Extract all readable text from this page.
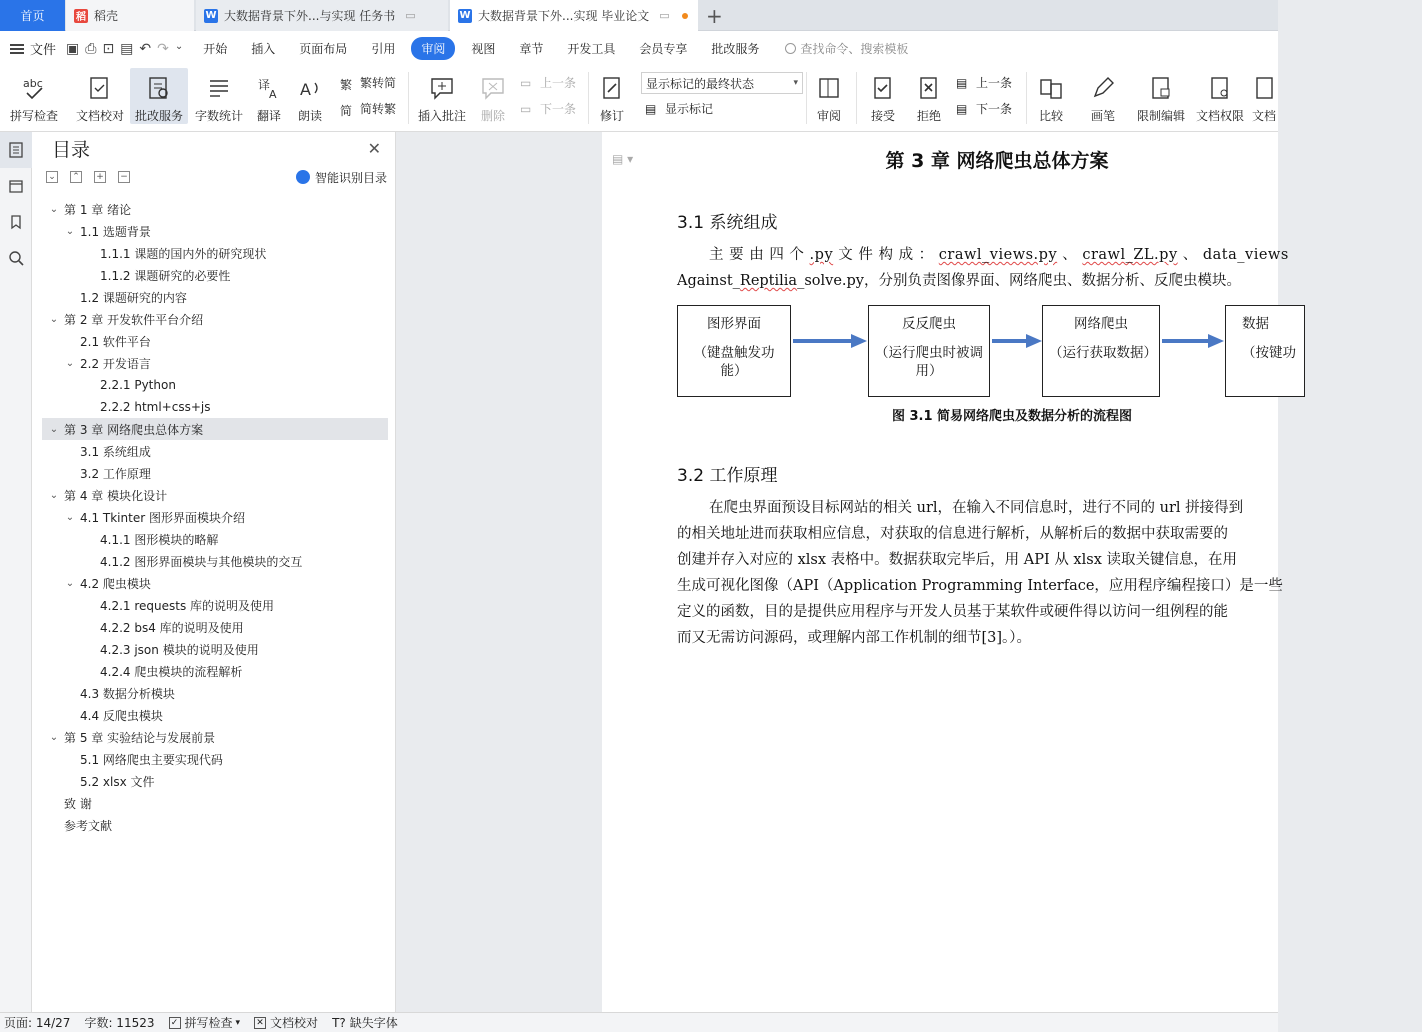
首页	稻 稻壳	W 大数据背景下外...与实现 任务书 ▭	W 大数据背景下外...实现 毕业论文 ▭ +
文件 ▣ ⎙ ⊡ ▤ ↶ ↷ ⌄	开始	插入	页面布局	引用	审阅	视图	章节	开发工具	会员专享	批改服务	查找命令、搜索模板
abc
拼写检查 文档校对 批改服务 字数统计
译
A
翻译
A
朗读
繁 繁转简
简 简转繁 插入批注 删除
▭ 上一条
▭ 下一条 修订
显示标记的最终状态	▾
▤ 显示标记	审阅 接受 拒绝
▤ 上一条
▤ 下一条 比较 画笔 限制编辑 文档权限 文档
目录	✕
⌄ ⌃ + −	智能识别目录
⌄ 第 1 章 绪论
⌄ 1.1 选题背景
1.1.1 课题的国内外的研究现状
1.1.2 课题研究的必要性
1.2 课题研究的内容
⌄ 第 2 章 开发软件平台介绍
2.1 软件平台
⌄ 2.2 开发语言
2.2.1 Python
2.2.2 html+css+js
⌄ 第 3 章 网络爬虫总体方案
3.1 系统组成
3.2 工作原理
⌄ 第 4 章 模块化设计
⌄ 4.1 Tkinter 图形界面模块介绍
4.1.1 图形模块的略解
4.1.2 图形界面模块与其他模块的交互
⌄ 4.2 爬虫模块
4.2.1 requests 库的说明及使用
4.2.2 bs4 库的说明及使用
4.2.3 json 模块的说明及使用
4.2.4 爬虫模块的流程解析
4.3 数据分析模块
4.4 反爬虫模块
⌄ 第 5 章 实验结论与发展前景
5.1 网络爬虫主要实现代码
5.2 xlsx 文件
致 谢
参考文献
▤ ▾	第 3 章 网络爬虫总体方案
3.1 系统组成
主 要 由 四 个 .py 文 件 构 成 ： crawl_views.py 、 crawl_ZL.py 、 data_views
Against_Reptilia_solve.py，分别负责图像界面、网络爬虫、数据分析、反爬虫模块。
图形界面
（键盘触发功能）
反反爬虫
（运行爬虫时被调用）
网络爬虫
（运行获取数据）
数据
（按键功
图 3.1 简易网络爬虫及数据分析的流程图
3.2 工作原理
在爬虫界面预设目标网站的相关 url，在输入不同信息时，进行不同的 url 拼接得到
的相关地址进而获取相应信息，对获取的信息进行解析，从解析后的数据中获取需要的
创建并存入对应的 xlsx 表格中。数据获取完毕后，用 API 从 xlsx 读取关键信息，在用
生成可视化图像（API（Application Programming Interface，应用程序编程接口）是一些
定义的函数，目的是提供应用程序与开发人员基于某软件或硬件得以访问一组例程的能
而又无需访问源码，或理解内部工作机制的细节[3]。）。
页面: 14/27 字数: 11523 ✓ 拼写检查 ▾ ✕ 文档校对 T? 缺失字体
